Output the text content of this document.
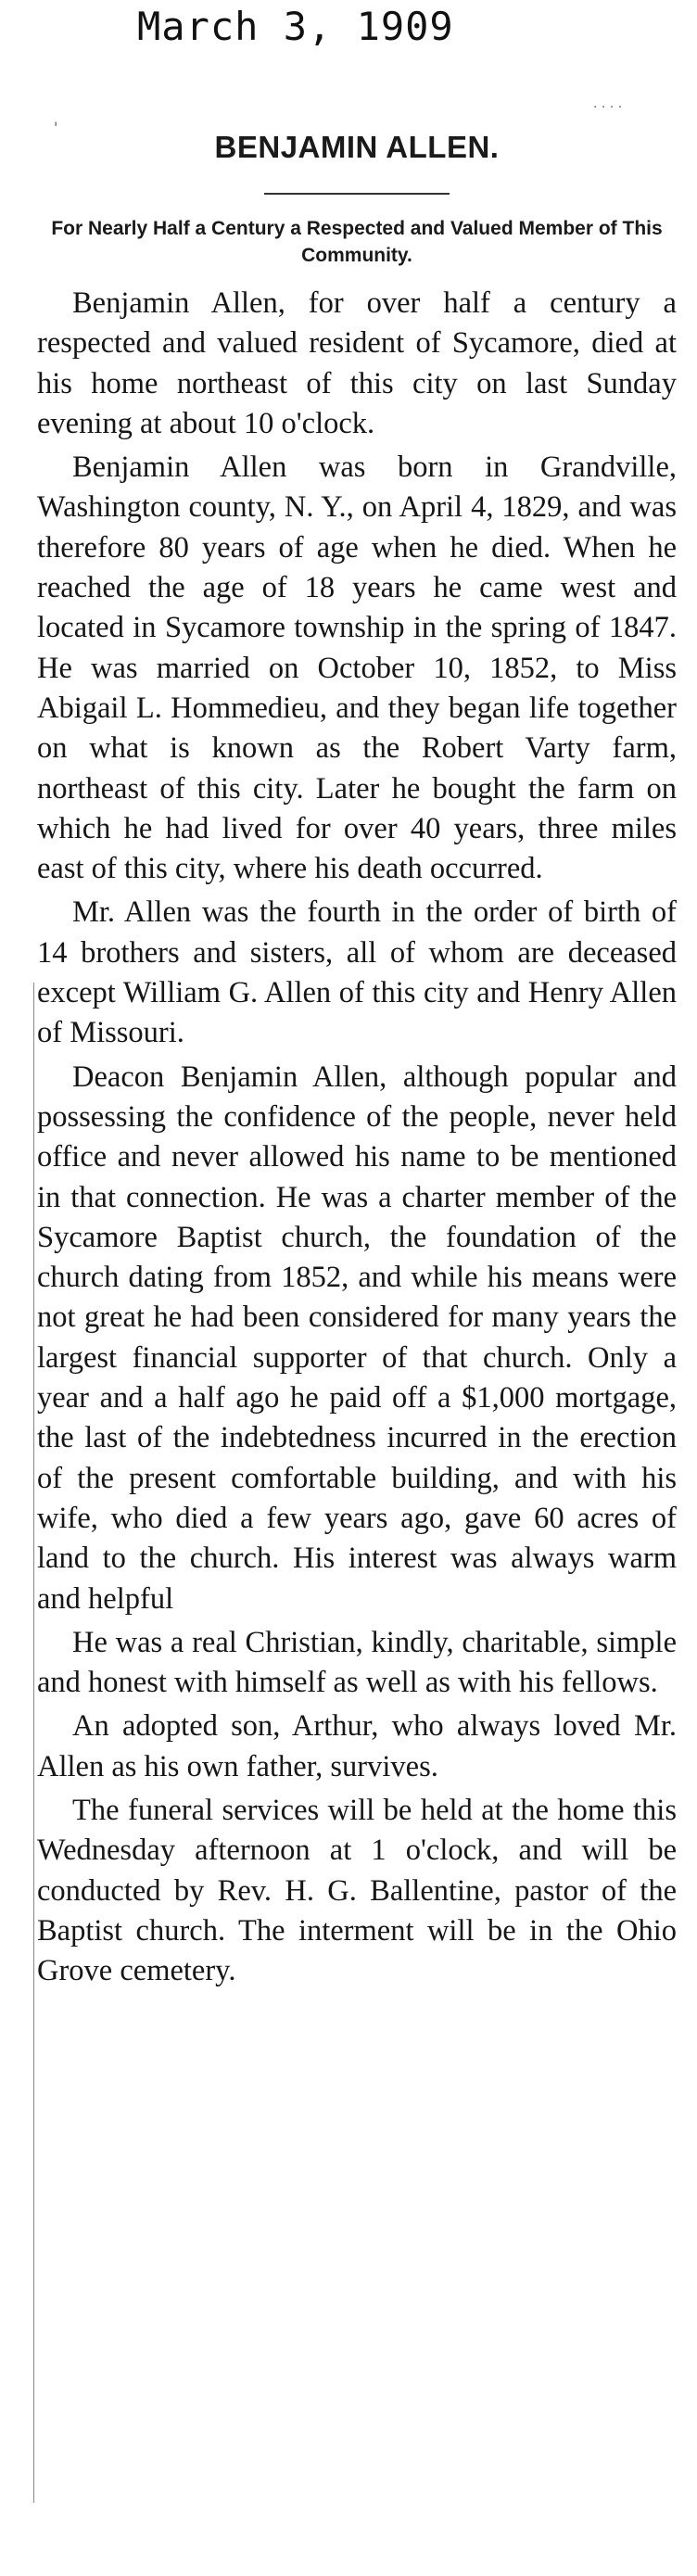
March 3, 1909
'
· · · ·
BENJAMIN ALLEN.
For Nearly Half a Century a Respected and Valued Member of This Community.

Benjamin Allen, for over half a century a respected and valued resident of Sycamore, died at his home northeast of this city on last Sunday evening at about 10 o'clock.

Benjamin Allen was born in Grandville, Washington county, N. Y., on April 4, 1829, and was therefore 80 years of age when he died. When he reached the age of 18 years he came west and located in Sycamore township in the spring of 1847. He was married on October 10, 1852, to Miss Abigail L. Hommedieu, and they began life together on what is known as the Robert Varty farm, northeast of this city. Later he bought the farm on which he had lived for over 40 years, three miles east of this city, where his death occurred.

Mr. Allen was the fourth in the order of birth of 14 brothers and sisters, all of whom are deceased except William G. Allen of this city and Henry Allen of Missouri.

Deacon Benjamin Allen, although popular and possessing the confidence of the people, never held office and never allowed his name to be mentioned in that connection. He was a charter member of the Sycamore Baptist church, the foundation of the church dating from 1852, and while his means were not great he had been considered for many years the largest financial supporter of that church. Only a year and a half ago he paid off a $1,000 mortgage, the last of the indebtedness incurred in the erection of the present comfortable building, and with his wife, who died a few years ago, gave 60 acres of land to the church. His interest was always warm and helpful

He was a real Christian, kindly, charitable, simple and honest with himself as well as with his fellows.

An adopted son, Arthur, who always loved Mr. Allen as his own father, survives.

The funeral services will be held at the home this Wednesday afternoon at 1 o'clock, and will be conducted by Rev. H. G. Ballentine, pastor of the Baptist church. The interment will be in the Ohio Grove cemetery.
